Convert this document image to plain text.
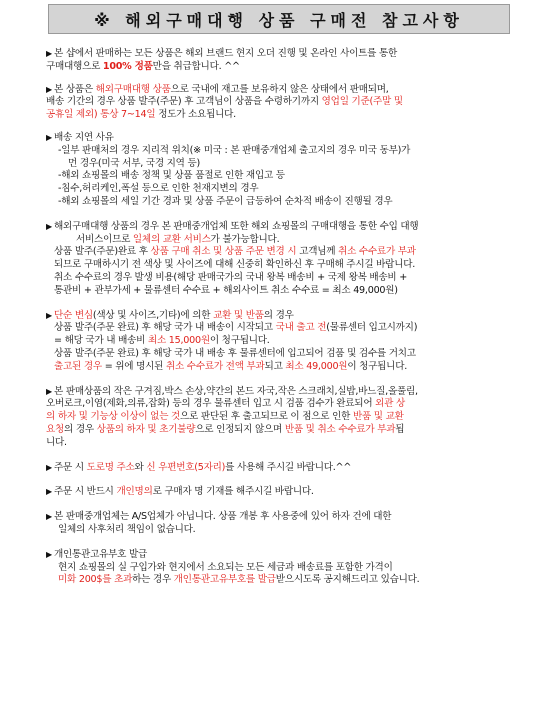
※ 해외구매대행 상품 구매전 참고사항
▶ 본 샵에서 판매하는 모든 상품은 해외 브랜드 현지 오더 진행 및 온라인 사이트를 통한
구매대행으로 100% 정품만을 취급합니다. ^^
▶ 본 상품은 해외구매대행 상품으로 국내에 재고를 보유하지 않은 상태에서 판매되며,
배송 기간의 경우 상품 발주(주문) 후 고객님이 상품을 수령하기까지 영업일 기준(주말 및
공휴일 제외) 통상 7~14일 정도가 소요됩니다.
▶ 배송 지연 사유
-일부 판매처의 경우 지리적 위치(※ 미국 : 본 판매중개업체 출고지의 경우 미국 동부)가
먼 경우(미국 서부, 국경 지역 등)
-해외 쇼핑몰의 배송 정책 및 상품 품절로 인한 재입고 등
-침수,허리케인,폭설 등으로 인한 천재지변의 경우
-해외 쇼핑몰의 세일 기간 경과 및 상품 주문이 급등하여 순차적 배송이 진행될 경우
▶ 해외구매대행 상품의 경우 본 판매중개업체 또한 해외 쇼핑몰의 구매대행을 통한 수입 대행
서비스이므로 일체의 교환 서비스가 불가능합니다.
상품 발주(주문)완료 후 상품 구매 취소 및 상품 주문 변경 시 고객님께 취소 수수료가 부과
되므로 구매하시기 전 색상 및 사이즈에 대해 신중히 확인하신 후 구매해 주시길 바랍니다.
취소 수수료의 경우 발생 비용(해당 판매국가의 국내 왕복 배송비 + 국제 왕복 배송비 +
통관비 + 관부가세 + 물류센터 수수료 + 해외사이트 취소 수수료 = 최소 49,000원)
▶ 단순 변심(색상 및 사이즈,기타)에 의한 교환 및 반품의 경우
상품 발주(주문 완료) 후 해당 국가 내 배송이 시작되고 국내 출고 전(물류센터 입고시까지)
= 해당 국가 내 배송비 최소 15,000원이 청구됩니다.
상품 발주(주문 완료) 후 해당 국가 내 배송 후 물류센터에 입고되어 검품 및 검수를 거치고
출고된 경우 = 위에 명시된 취소 수수료가 전액 부과되고 최소 49,000원이 청구됩니다.
▶ 본 판매상품의 작은 구겨짐,박스 손상,약간의 본드 자국,작은 스크래치,실밥,바느질,올풀림,
오버로크,이염(제화,의류,잡화) 등의 경우 물류센터 입고 시 검품 검수가 완료되어 외관 상
의 하자 및 기능상 이상이 없는 것으로 판단된 후 출고되므로 이 점으로 인한 반품 및 교환
요청의 경우 상품의 하자 및 초기불량으로 인정되지 않으며 반품 및 취소 수수료가 부과됩
니다.
▶ 주문 시 도로명 주소와 신 우편번호(5자리)를 사용해 주시길 바랍니다.^^
▶ 주문 시 반드시 개인명의로 구매자 명 기재를 해주시길 바랍니다.
▶ 본 판매중개업체는 A/S업체가 아닙니다. 상품 개봉 후 사용중에 있어 하자 건에 대한
일체의 사후처리 책임이 없습니다.
▶ 개인통관고유부호 발급
현지 쇼핑몰의 실 구입가와 현지에서 소요되는 모든 세금과 배송료를 포함한 가격이
미화 200$를 초과하는 경우 개인통관고유부호를 발급받으시도록 공지해드리고 있습니다.
